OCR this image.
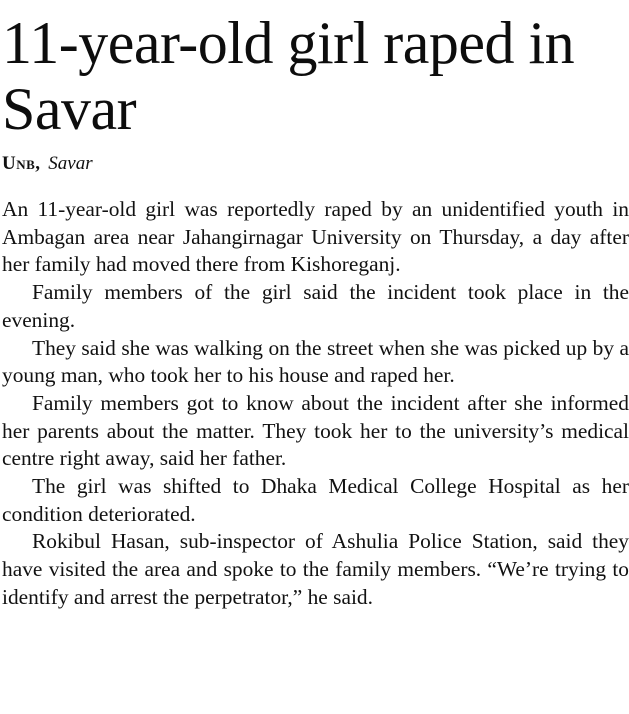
11-year-old girl raped in Savar
Unb, Savar

An 11-year-old girl was reportedly raped by an unidentified youth in Ambagan area near Jahangirnagar University on Thursday, a day after her family had moved there from Kishoreganj.

Family members of the girl said the incident took place in the evening.

They said she was walking on the street when she was picked up by a young man, who took her to his house and raped her.

Family members got to know about the incident after she informed her parents about the matter. They took her to the university’s medical centre right away, said her father.

The girl was shifted to Dhaka Medical College Hospital as her condition deteriorated.

Rokibul Hasan, sub-inspector of Ashulia Police Station, said they have visited the area and spoke to the family members. “We’re trying to identify and arrest the perpetrator,” he said.
